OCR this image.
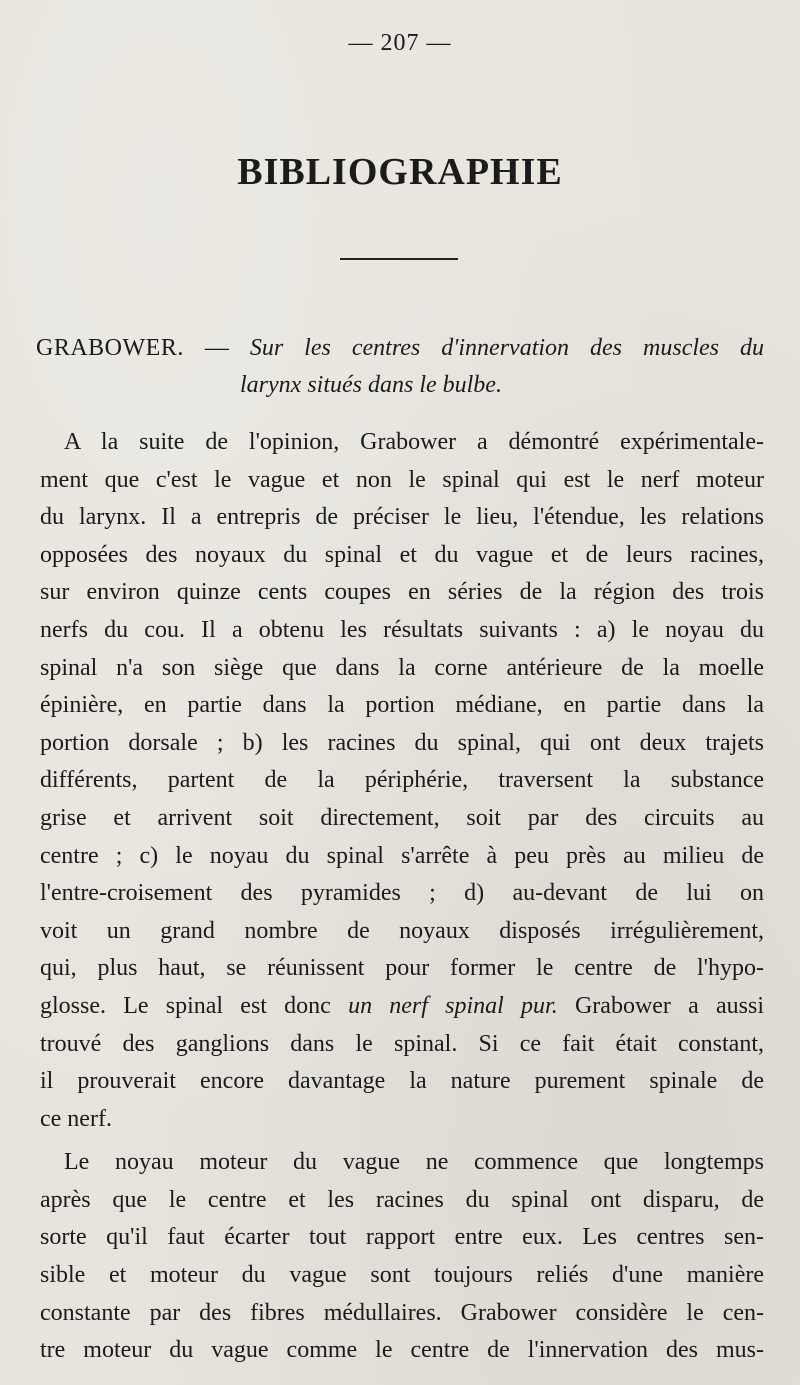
— 207 —
BIBLIOGRAPHIE
GRABOWER. — Sur les centres d'innervation des muscles du
larynx situés dans le bulbe.
A la suite de l'opinion, Grabower a démontré expérimentale-
ment que c'est le vague et non le spinal qui est le nerf moteur
du larynx. Il a entrepris de préciser le lieu, l'étendue, les relations
opposées des noyaux du spinal et du vague et de leurs racines,
sur environ quinze cents coupes en séries de la région des trois
nerfs du cou. Il a obtenu les résultats suivants : a) le noyau du
spinal n'a son siège que dans la corne antérieure de la moelle
épinière, en partie dans la portion médiane, en partie dans la
portion dorsale ; b) les racines du spinal, qui ont deux trajets
différents, partent de la périphérie, traversent la substance
grise et arrivent soit directement, soit par des circuits au
centre ; c) le noyau du spinal s'arrête à peu près au milieu de
l'entre-croisement des pyramides ; d) au-devant de lui on
voit un grand nombre de noyaux disposés irrégulièrement,
qui, plus haut, se réunissent pour former le centre de l'hypo-
glosse. Le spinal est donc un nerf spinal pur. Grabower a aussi
trouvé des ganglions dans le spinal. Si ce fait était constant,
il prouverait encore davantage la nature purement spinale de
ce nerf.
Le noyau moteur du vague ne commence que longtemps
après que le centre et les racines du spinal ont disparu, de
sorte qu'il faut écarter tout rapport entre eux. Les centres sen-
sible et moteur du vague sont toujours reliés d'une manière
constante par des fibres médullaires. Grabower considère le cen-
tre moteur du vague comme le centre de l'innervation des mus-
